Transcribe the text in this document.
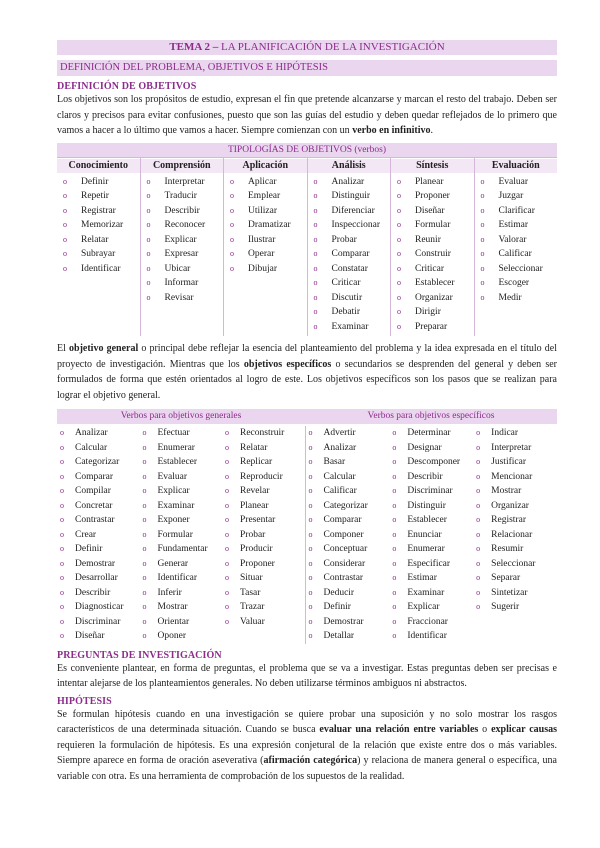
TEMA 2 – LA PLANIFICACIÓN DE LA INVESTIGACIÓN
DEFINICIÓN DEL PROBLEMA, OBJETIVOS E HIPÓTESIS
DEFINICIÓN DE OBJETIVOS

Los objetivos son los propósitos de estudio, expresan el fin que pretende alcanzarse y marcan el resto del trabajo. Deben ser claros y precisos para evitar confusiones, puesto que son las guías del estudio y deben quedar reflejados de lo primero que vamos a hacer a lo último que vamos a hacer. Siempre comienzan con un verbo en infinitivo.

TIPOLOGÍAS DE OBJETIVOS (verbos)
Conocimiento
o Definir
o Repetir
o Registrar
o Memorizar
o Relatar
o Subrayar
o Identificar
Comprensión
o Interpretar
o Traducir
o Describir
o Reconocer
o Explicar
o Expresar
o Ubicar
o Informar
o Revisar
Aplicación
o Aplicar
o Emplear
o Utilizar
o Dramatizar
o Ilustrar
o Operar
o Dibujar
Análisis
o Analizar
o Distinguir
o Diferenciar
o Inspeccionar
o Probar
o Comparar
o Constatar
o Criticar
o Discutir
o Debatir
o Examinar
Síntesis
o Planear
o Proponer
o Diseñar
o Formular
o Reunir
o Construir
o Criticar
o Establecer
o Organizar
o Dirigir
o Preparar
Evaluación
o Evaluar
o Juzgar
o Clarificar
o Estimar
o Valorar
o Calificar
o Seleccionar
o Escoger
o Medir

El objetivo general o principal debe reflejar la esencia del planteamiento del problema y la idea expresada en el título del proyecto de investigación. Mientras que los objetivos específicos o secundarios se desprenden del general y deben ser formulados de forma que estén orientados al logro de este. Los objetivos específicos son los pasos que se realizan para lograr el objetivo general.

Verbos para objetivos generales	Verbos para objetivos específicos
o Analizar
o Calcular
o Categorizar
o Comparar
o Compilar
o Concretar
o Contrastar
o Crear
o Definir
o Demostrar
o Desarrollar
o Describir
o Diagnosticar
o Discriminar
o Diseñar
o Efectuar
o Enumerar
o Establecer
o Evaluar
o Explicar
o Examinar
o Exponer
o Formular
o Fundamentar
o Generar
o Identificar
o Inferir
o Mostrar
o Orientar
o Oponer
o Reconstruir
o Relatar
o Replicar
o Reproducir
o Revelar
o Planear
o Presentar
o Probar
o Producir
o Proponer
o Situar
o Tasar
o Trazar
o Valuar
o Advertir
o Analizar
o Basar
o Calcular
o Calificar
o Categorizar
o Comparar
o Componer
o Conceptuar
o Considerar
o Contrastar
o Deducir
o Definir
o Demostrar
o Detallar
o Determinar
o Designar
o Descomponer
o Describir
o Discriminar
o Distinguir
o Establecer
o Enunciar
o Enumerar
o Especificar
o Estimar
o Examinar
o Explicar
o Fraccionar
o Identificar
o Indicar
o Interpretar
o Justificar
o Mencionar
o Mostrar
o Organizar
o Registrar
o Relacionar
o Resumir
o Seleccionar
o Separar
o Sintetizar
o Sugerir
PREGUNTAS DE INVESTIGACIÓN

Es conveniente plantear, en forma de preguntas, el problema que se va a investigar. Estas preguntas deben ser precisas e intentar alejarse de los planteamientos generales. No deben utilizarse términos ambiguos ni abstractos.

HIPÓTESIS

Se formulan hipótesis cuando en una investigación se quiere probar una suposición y no solo mostrar los rasgos característicos de una determinada situación. Cuando se busca evaluar una relación entre variables o explicar causas requieren la formulación de hipótesis. Es una expresión conjetural de la relación que existe entre dos o más variables. Siempre aparece en forma de oración aseverativa (afirmación categórica) y relaciona de manera general o específica, una variable con otra. Es una herramienta de comprobación de los supuestos de la realidad.
